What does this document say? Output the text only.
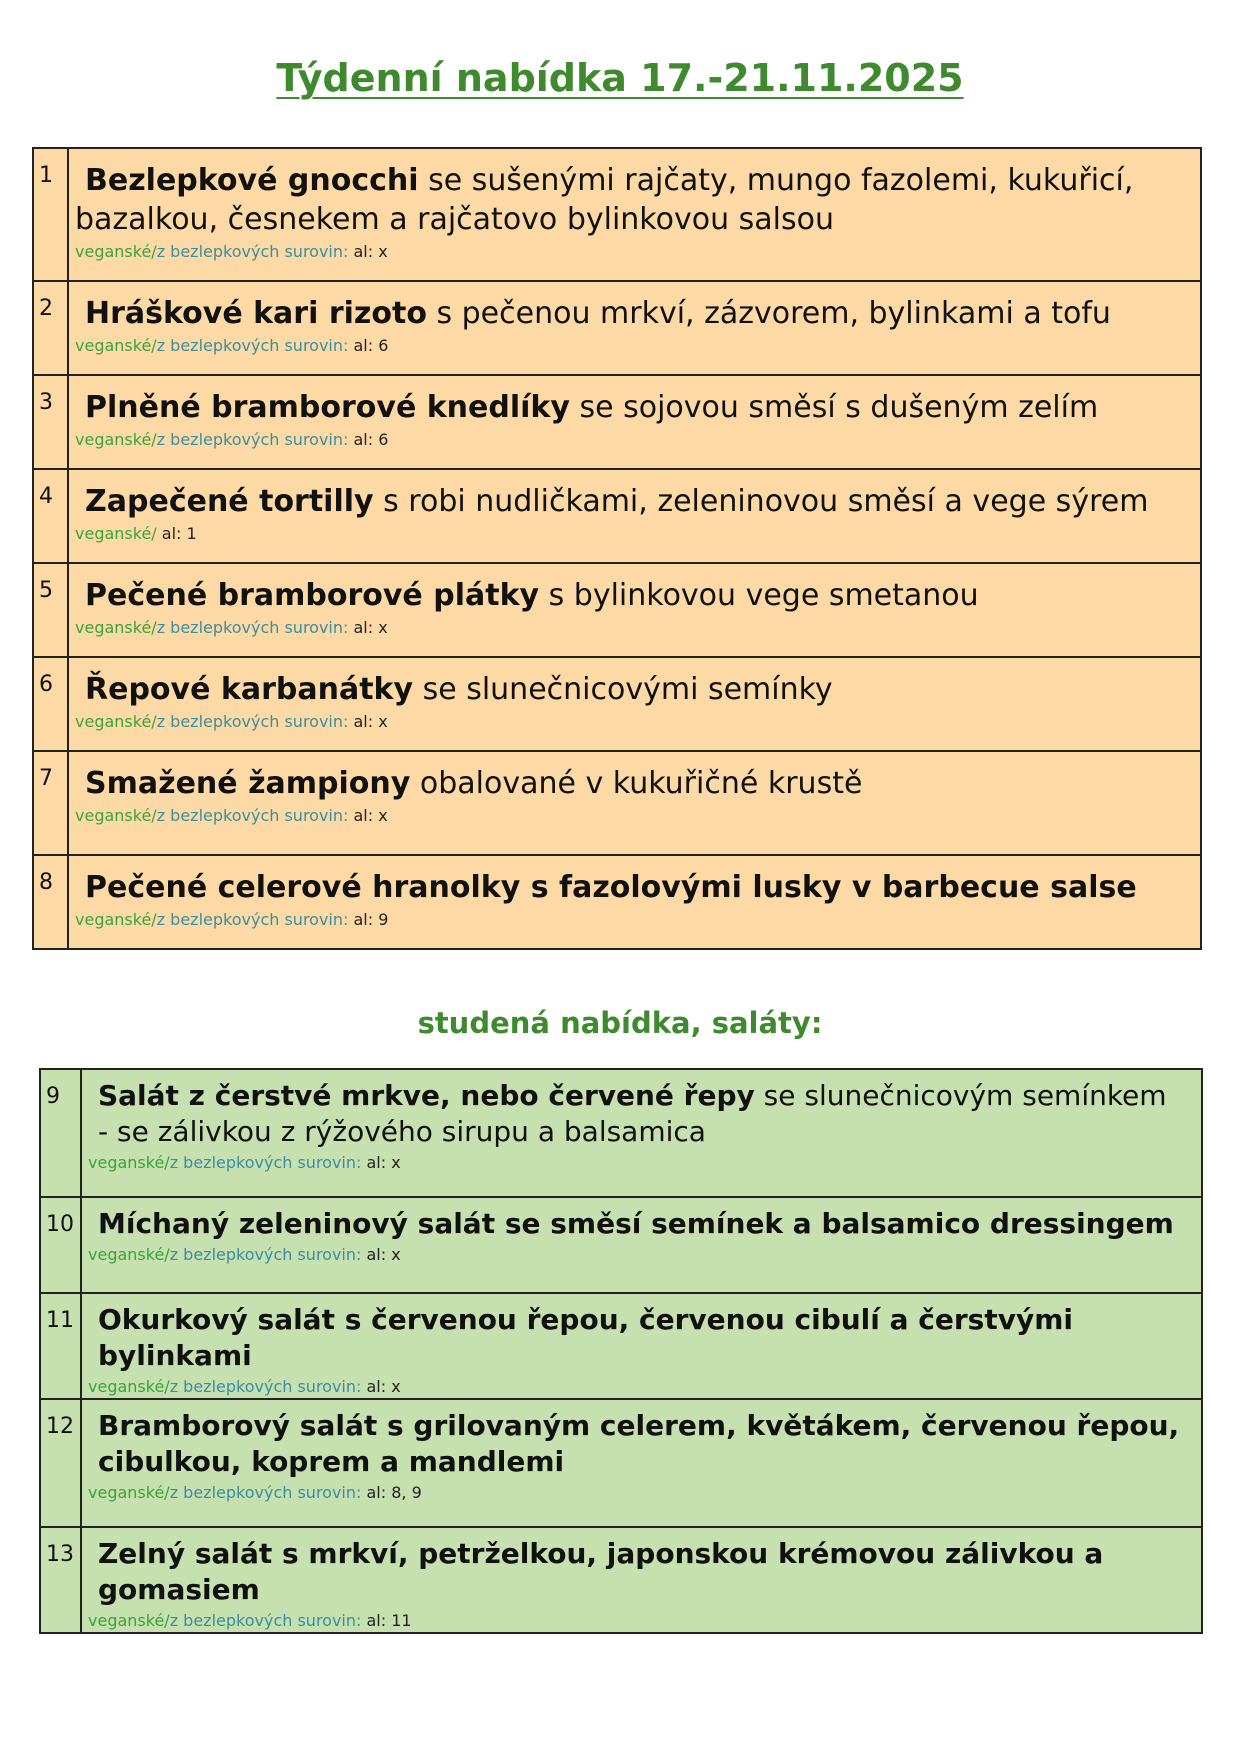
Týdenní nabídka 17.-21.11.2025
1	Bezlepkové gnocchi se sušenými rajčaty, mungo fazolemi, kukuřicí, bazalkou, česnekem a rajčatovo bylinkovou salsou
veganské/z bezlepkových surovin: al: x

2	Hráškové kari rizoto s pečenou mrkví, zázvorem, bylinkami a tofu
veganské/z bezlepkových surovin: al: 6

3	Plněné bramborové knedlíky se sojovou směsí s dušeným zelím
veganské/z bezlepkových surovin: al: 6

4	Zapečené tortilly s robi nudličkami, zeleninovou směsí a vege sýrem
veganské/ al: 1

5	Pečené bramborové plátky s bylinkovou vege smetanou
veganské/z bezlepkových surovin: al: x

6	Řepové karbanátky se slunečnicovými semínky
veganské/z bezlepkových surovin: al: x

7	Smažené žampiony obalované v kukuřičné krustě
veganské/z bezlepkových surovin: al: x

8	Pečené celerové hranolky s fazolovými lusky v barbecue salse
veganské/z bezlepkových surovin: al: 9
studená nabídka, saláty:
9	Salát z čerstvé mrkve, nebo červené řepy se slunečnicovým semínkem - se zálivkou z rýžového sirupu a balsamica
veganské/z bezlepkových surovin: al: x

10	Míchaný zeleninový salát se směsí semínek a balsamico dressingem
veganské/z bezlepkových surovin: al: x

11	Okurkový salát s červenou řepou, červenou cibulí a čerstvými bylinkami
veganské/z bezlepkových surovin: al: x

12	Bramborový salát s grilovaným celerem, květákem, červenou řepou, cibulkou, koprem a mandlemi
veganské/z bezlepkových surovin: al: 8, 9

13	Zelný salát s mrkví, petrželkou, japonskou krémovou zálivkou a gomasiem
veganské/z bezlepkových surovin: al: 11
